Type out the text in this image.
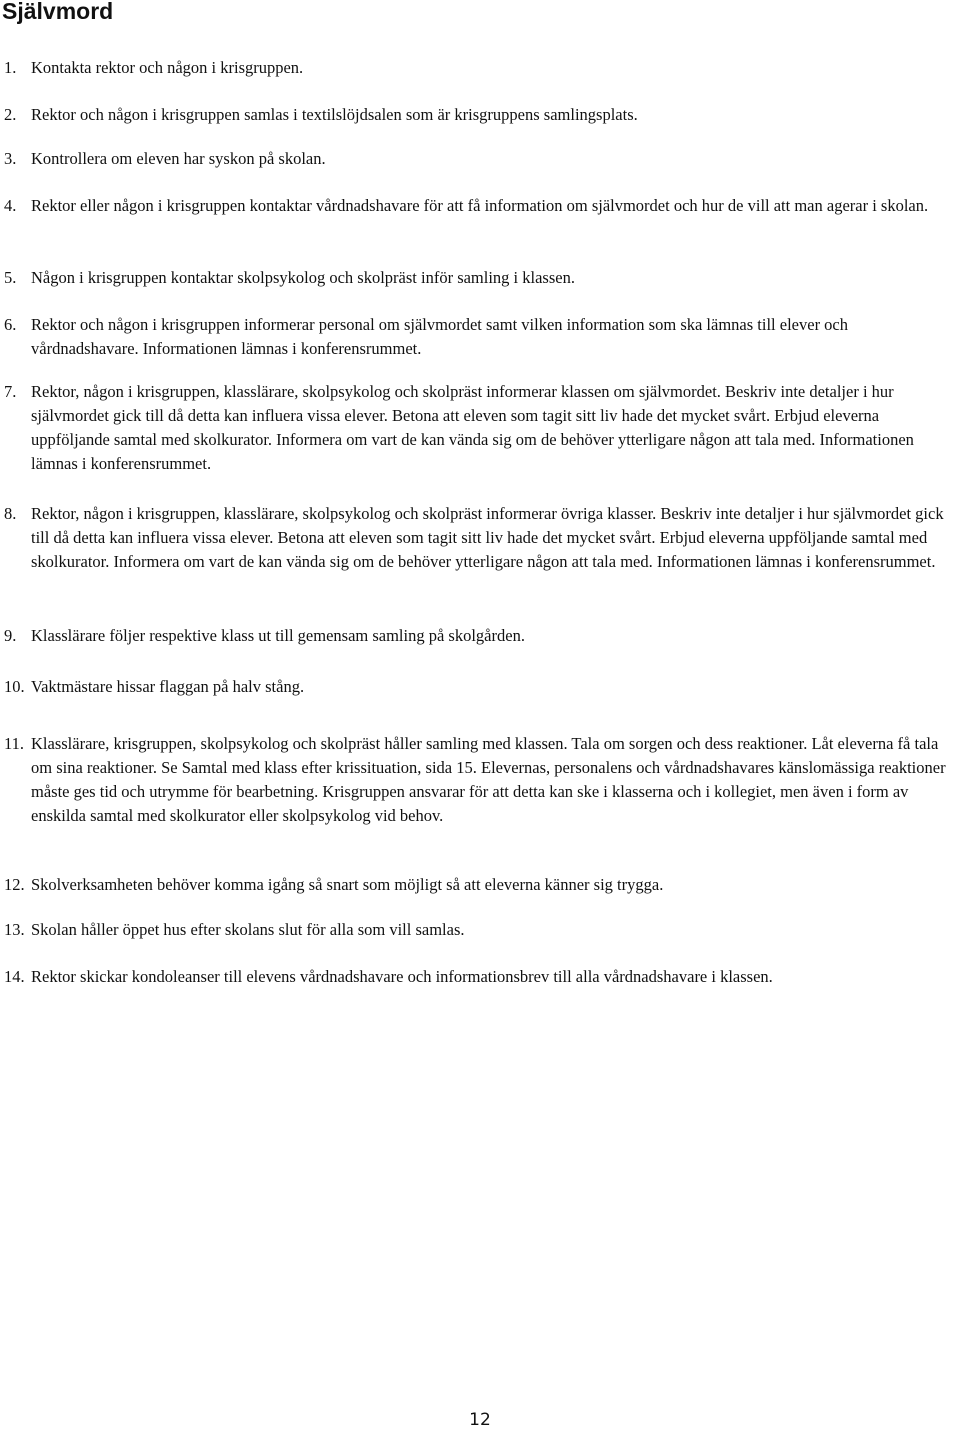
Självmord
1. Kontakta rektor och någon i krisgruppen.
2. Rektor och någon i krisgruppen samlas i textilslöjdsalen som är krisgruppens samlingsplats.
3. Kontrollera om eleven har syskon på skolan.
4. Rektor eller någon i krisgruppen kontaktar vårdnadshavare för att få information om självmordet och hur de vill att man agerar i skolan.
5. Någon i krisgruppen kontaktar skolpsykolog och skolpräst inför samling i klassen.
6. Rektor och någon i krisgruppen informerar personal om självmordet samt vilken information som ska lämnas till elever och vårdnadshavare. Informationen lämnas i konferensrummet.
7. Rektor, någon i krisgruppen, klasslärare, skolpsykolog och skolpräst informerar klassen om självmordet. Beskriv inte detaljer i hur självmordet gick till då detta kan influera vissa elever. Betona att eleven som tagit sitt liv hade det mycket svårt. Erbjud eleverna uppföljande samtal med skolkurator. Informera om vart de kan vända sig om de behöver ytterligare någon att tala med. Informationen lämnas i konferensrummet.
8. Rektor, någon i krisgruppen, klasslärare, skolpsykolog och skolpräst informerar övriga klasser. Beskriv inte detaljer i hur självmordet gick till då detta kan influera vissa elever. Betona att eleven som tagit sitt liv hade det mycket svårt. Erbjud eleverna uppföljande samtal med skolkurator. Informera om vart de kan vända sig om de behöver ytterligare någon att tala med. Informationen lämnas i konferensrummet.
9. Klasslärare följer respektive klass ut till gemensam samling på skolgården.
10. Vaktmästare hissar flaggan på halv stång.
11. Klasslärare, krisgruppen, skolpsykolog och skolpräst håller samling med klassen. Tala om sorgen och dess reaktioner. Låt eleverna få tala om sina reaktioner. Se Samtal med klass efter krissituation, sida 15. Elevernas, personalens och vårdnadshavares känslomässiga reaktioner måste ges tid och utrymme för bearbetning. Krisgruppen ansvarar för att detta kan ske i klasserna och i kollegiet, men även i form av enskilda samtal med skolkurator eller skolpsykolog vid behov.
12. Skolverksamheten behöver komma igång så snart som möjligt så att eleverna känner sig trygga.
13. Skolan håller öppet hus efter skolans slut för alla som vill samlas.
14. Rektor skickar kondoleanser till elevens vårdnadshavare och informationsbrev till alla vårdnadshavare i klassen.
12
